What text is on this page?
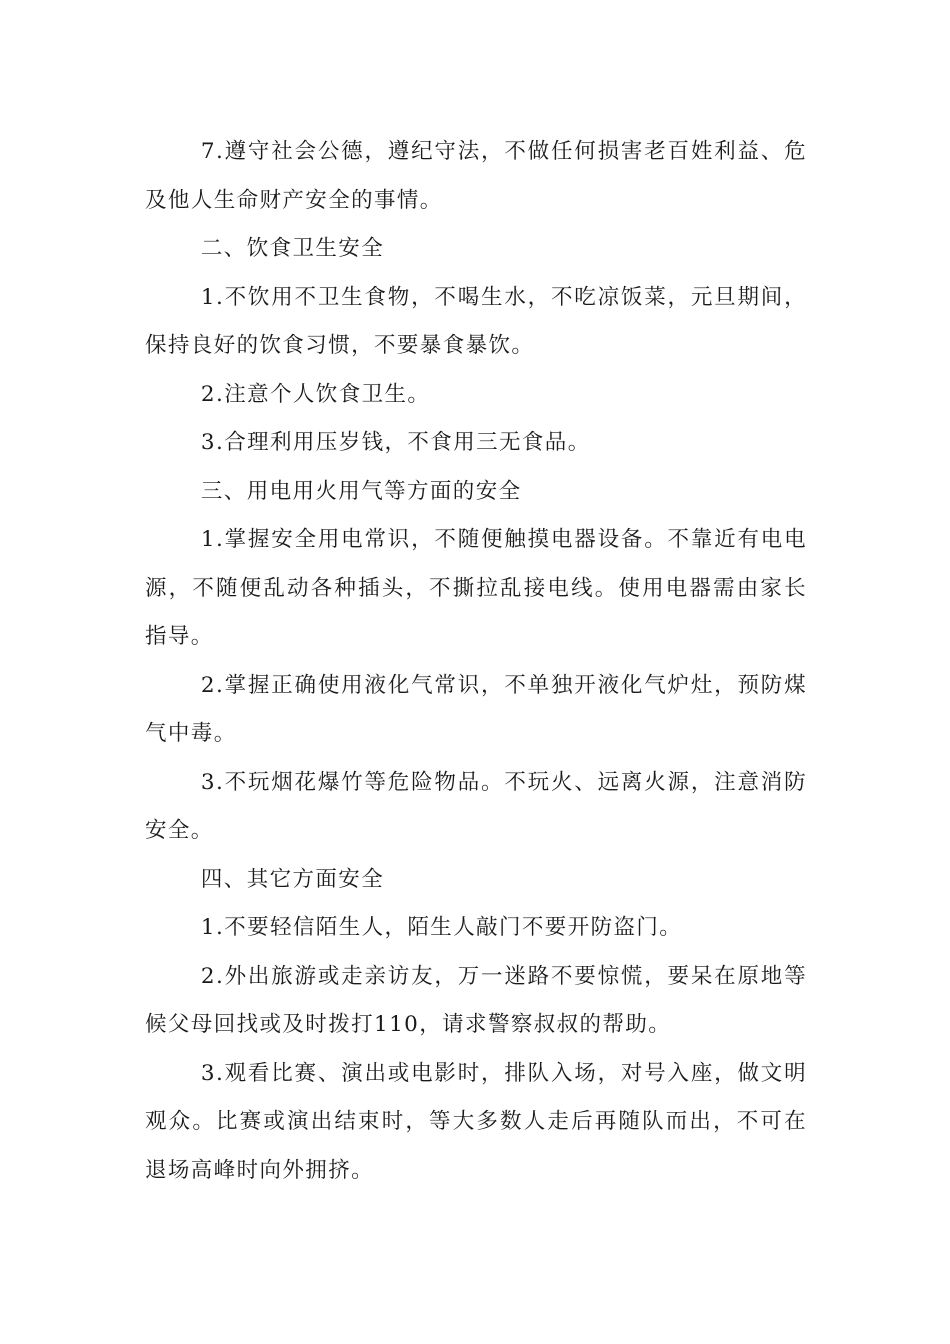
7.遵守社会公德，遵纪守法，不做任何损害老百姓利益、危及他人生命财产安全的事情。

二、饮食卫生安全

1.不饮用不卫生食物，不喝生水，不吃凉饭菜，元旦期间，保持良好的饮食习惯，不要暴食暴饮。

2.注意个人饮食卫生。

3.合理利用压岁钱，不食用三无食品。

三、用电用火用气等方面的安全

1.掌握安全用电常识，不随便触摸电器设备。不靠近有电电源，不随便乱动各种插头，不撕拉乱接电线。使用电器需由家长指导。

2.掌握正确使用液化气常识，不单独开液化气炉灶，预防煤气中毒。

3.不玩烟花爆竹等危险物品。不玩火、远离火源，注意消防安全。

四、其它方面安全

1.不要轻信陌生人，陌生人敲门不要开防盗门。

2.外出旅游或走亲访友，万一迷路不要惊慌，要呆在原地等候父母回找或及时拨打110，请求警察叔叔的帮助。

3.观看比赛、演出或电影时，排队入场，对号入座，做文明观众。比赛或演出结束时，等大多数人走后再随队而出，不可在退场高峰时向外拥挤。
